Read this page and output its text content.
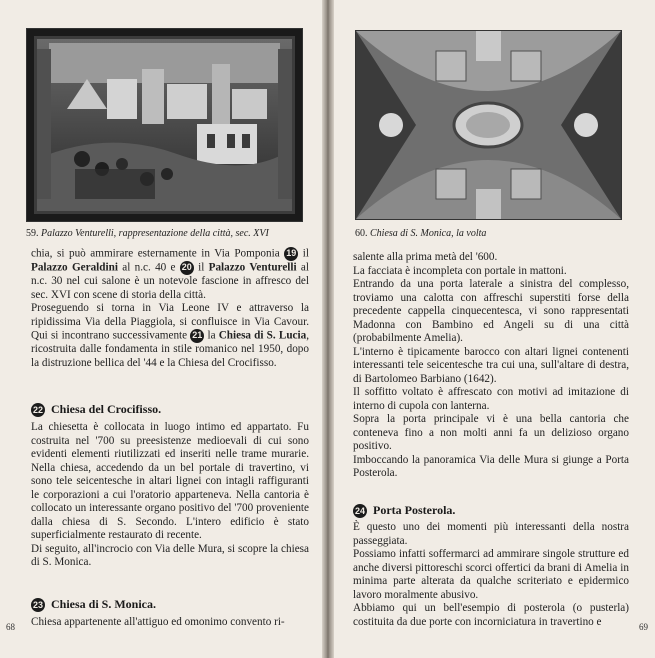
59. Palazzo Venturelli, rappresentazione della città, sec. XVI

chia, si può ammirare esternamente in Via Pomponia 19 il Palazzo Geraldini al n.c. 40 e 20 il Palazzo Venturelli al n.c. 30 nel cui salone è un notevole fascione in affresco del sec. XVI con scene di storia della città.

Proseguendo si torna in Via Leone IV e attraverso la ripidissima Via della Piaggiola, si confluisce in Via Cavour. Qui si incontrano successivamente 21 la Chiesa di S. Lucia, ricostruita dalle fondamenta in stile romanico nel 1950, dopo la distruzione bellica del '44 e la Chiesa del Crocifisso.

22 Chiesa del Crocifisso.

La chiesetta è collocata in luogo intimo ed appartato. Fu costruita nel '700 su preesistenze medioevali di cui sono evidenti elementi riutilizzati ed inseriti nelle trame murarie. Nella chiesa, accedendo da un bel portale di travertino, vi sono tele seicentesche in altari lignei con intagli raffiguranti le corporazioni a cui l'oratorio apparteneva. Nella cantoria è collocato un interessante organo positivo del '700 proveniente dalla chiesa di S. Secondo. L'intero edificio è stato superficialmente restaurato di recente.

Di seguito, all'incrocio con Via delle Mura, si scopre la chiesa di S. Monica.

23 Chiesa di S. Monica.

Chiesa appartenente all'attiguo ed omonimo convento ri-

68
60. Chiesa di S. Monica, la volta

salente alla prima metà del '600.

La facciata è incompleta con portale in mattoni.

Entrando da una porta laterale a sinistra del complesso, troviamo una calotta con affreschi superstiti forse della precedente cappella cinquecentesca, vi sono rappresentati Madonna con Bambino ed Angeli su di una città (probabilmente Amelia).

L'interno è tipicamente barocco con altari lignei contenenti interessanti tele seicentesche tra cui una, sull'altare di destra, di Bartolomeo Barbiano (1642).

Il soffitto voltato è affrescato con motivi ad imitazione di interno di cupola con lanterna.

Sopra la porta principale vi è una bella cantoria che conteneva fino a non molti anni fa un delizioso organo positivo.

Imboccando la panoramica Via delle Mura si giunge a Porta Posterola.

24 Porta Posterola.

È questo uno dei momenti più interessanti della nostra passeggiata.

Possiamo infatti soffermarci ad ammirare singole strutture ed anche diversi pittoreschi scorci offertici da brani di Amelia in minima parte alterata da qualche scriteriato e epidermico lavoro moralmente abusivo.

Abbiamo qui un bell'esempio di posterola (o pusterla) costituita da due porte con incorniciatura in travertino e	69
